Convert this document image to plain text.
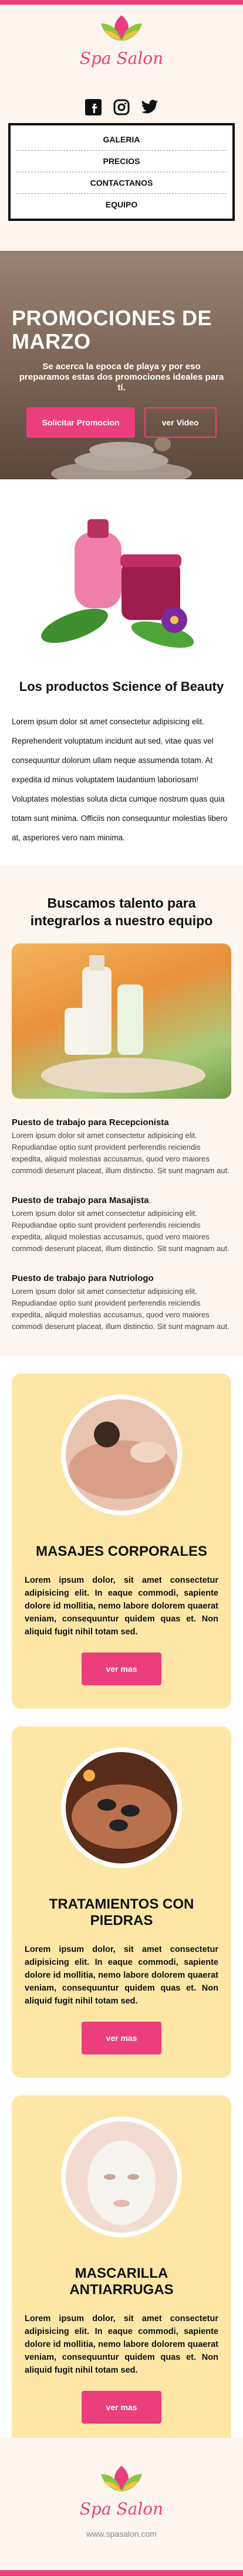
Spa Salon
GALERIA
PRECIOS
CONTACTANOS
EQUIPO
PROMOCIONES DE MARZO

Se acerca la epoca de playa y por eso preparamos estas dos promociones ideales para tí.

Solicitar Promocion	ver Video
Los productos Science of Beauty

Lorem ipsum dolor sit amet consectetur adipisicing elit. Reprehenderit voluptatum incidunt aut sed, vitae quas vel consequuntur dolorum ullam neque assumenda totam. At expedita id minus voluptatem laudantium laboriosam! Voluptates molestias soluta dicta cumque nostrum quas quia totam sunt minima. Officiis non consequuntur molestias libero at, asperiores vero nam minima.

Buscamos talento para integrarlos a nuestro equipo
Puesto de trabajo para Recepcionista
Lorem ipsum dolor sit amet consectetur adipisicing elit. Repudiandae optio sunt provident perferendis reiciendis expedita, aliquid molestias accusamus, quod vero maiores commodi deserunt placeat, illum distinctio. Sit sunt magnam aut.
Puesto de trabajo para Masajista
Lorem ipsum dolor sit amet consectetur adipisicing elit. Repudiandae optio sunt provident perferendis reiciendis expedita, aliquid molestias accusamus, quod vero maiores commodi deserunt placeat, illum distinctio. Sit sunt magnam aut.
Puesto de trabajo para Nutriologo
Lorem ipsum dolor sit amet consectetur adipisicing elit. Repudiandae optio sunt provident perferendis reiciendis expedita, aliquid molestias accusamus, quod vero maiores commodi deserunt placeat, illum distinctio. Sit sunt magnam aut.
MASAJES CORPORALES

Lorem ipsum dolor, sit amet consectetur adipisicing elit. In eaque commodi, sapiente dolore id mollitia, nemo labore dolorem quaerat veniam, consequuntur quidem quas et. Non aliquid fugit nihil totam sed.

ver mas
TRATAMIENTOS CON PIEDRAS

Lorem ipsum dolor, sit amet consectetur adipisicing elit. In eaque commodi, sapiente dolore id mollitia, nemo labore dolorem quaerat veniam, consequuntur quidem quas et. Non aliquid fugit nihil totam sed.

ver mas
MASCARILLA ANTIARRUGAS

Lorem ipsum dolor, sit amet consectetur adipisicing elit. In eaque commodi, sapiente dolore id mollitia, nemo labore dolorem quaerat veniam, consequuntur quidem quas et. Non aliquid fugit nihil totam sed.

ver mas
Spa Salon
www.spasalon.com
